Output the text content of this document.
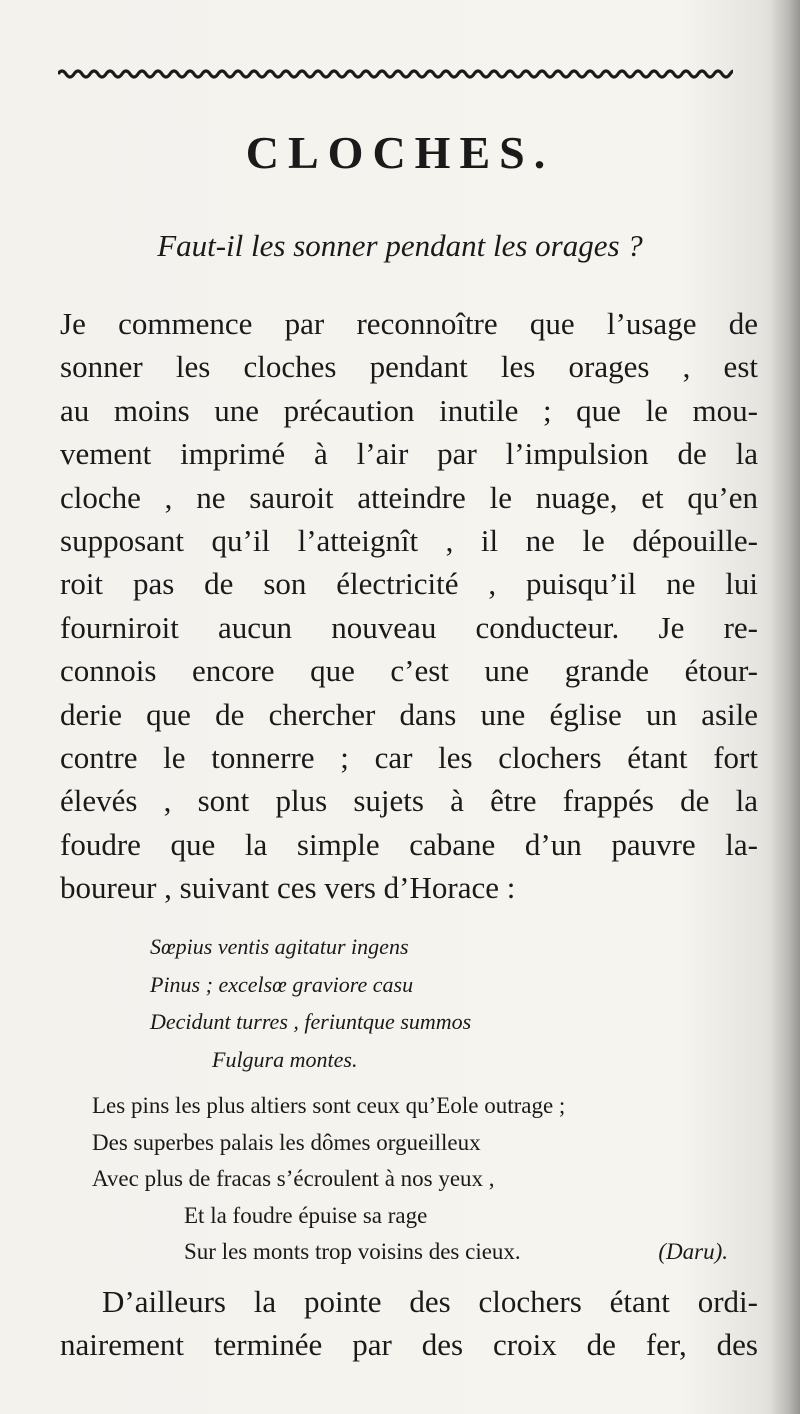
CLOCHES.
Faut-il les sonner pendant les orages ?
Je commence par reconnoître que l’usage de
sonner les cloches pendant les orages , est
au moins une précaution inutile ; que le mou-
vement imprimé à l’air par l’impulsion de la
cloche , ne sauroit atteindre le nuage, et qu’en
supposant qu’il l’atteignît , il ne le dépouille-
roit pas de son électricité , puisqu’il ne lui
fourniroit aucun nouveau conducteur. Je re-
connois encore que c’est une grande étour-
derie que de chercher dans une église un asile
contre le tonnerre ; car les clochers étant fort
élevés , sont plus sujets à être frappés de la
foudre que la simple cabane d’un pauvre la-
boureur , suivant ces vers d’Horace :
Sœpius ventis agitatur ingens
Pinus ; excelsœ graviore casu
Decidunt turres , feriuntque summos
Fulgura montes.
Les pins les plus altiers sont ceux qu’Eole outrage ;
Des superbes palais les dômes orgueilleux
Avec plus de fracas s’écroulent à nos yeux ,
Et la foudre épuise sa rage
Sur les monts trop voisins des cieux.	(Daru).
D’ailleurs la pointe des clochers étant ordi-
nairement terminée par des croix de fer, des
